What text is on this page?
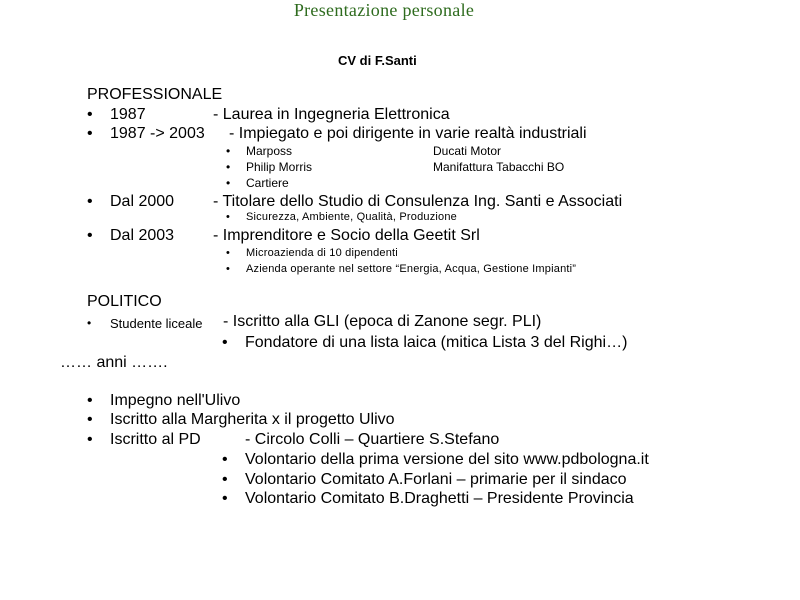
Presentazione personale
CV di F.Santi
PROFESSIONALE
• 1987	- Laurea in Ingegneria Elettronica
• 1987 -> 2003 - Impiegato e poi dirigente in varie realtà industriali
• Marposs	Ducati Motor
• Philip Morris	Manifattura Tabacchi BO
• Cartiere
• Dal 2000 - Titolare dello Studio di Consulenza Ing. Santi e Associati
• Sicurezza, Ambiente, Qualità, Produzione
• Dal 2003 - Imprenditore e Socio della Geetit Srl
• Microazienda di 10 dipendenti
• Azienda operante nel settore “Energia, Acqua, Gestione Impianti”
POLITICO
• Studente liceale - Iscritto alla GLI (epoca di Zanone segr. PLI)
• Fondatore di una lista laica (mitica Lista 3 del Righi…)
…… anni …….
• Impegno nell'Ulivo
• Iscritto alla Margherita x il progetto Ulivo
• Iscritto al PD	- Circolo Colli – Quartiere S.Stefano
• Volontario della prima versione del sito www.pdbologna.it
• Volontario Comitato A.Forlani – primarie per il sindaco
• Volontario Comitato B.Draghetti – Presidente Provincia
